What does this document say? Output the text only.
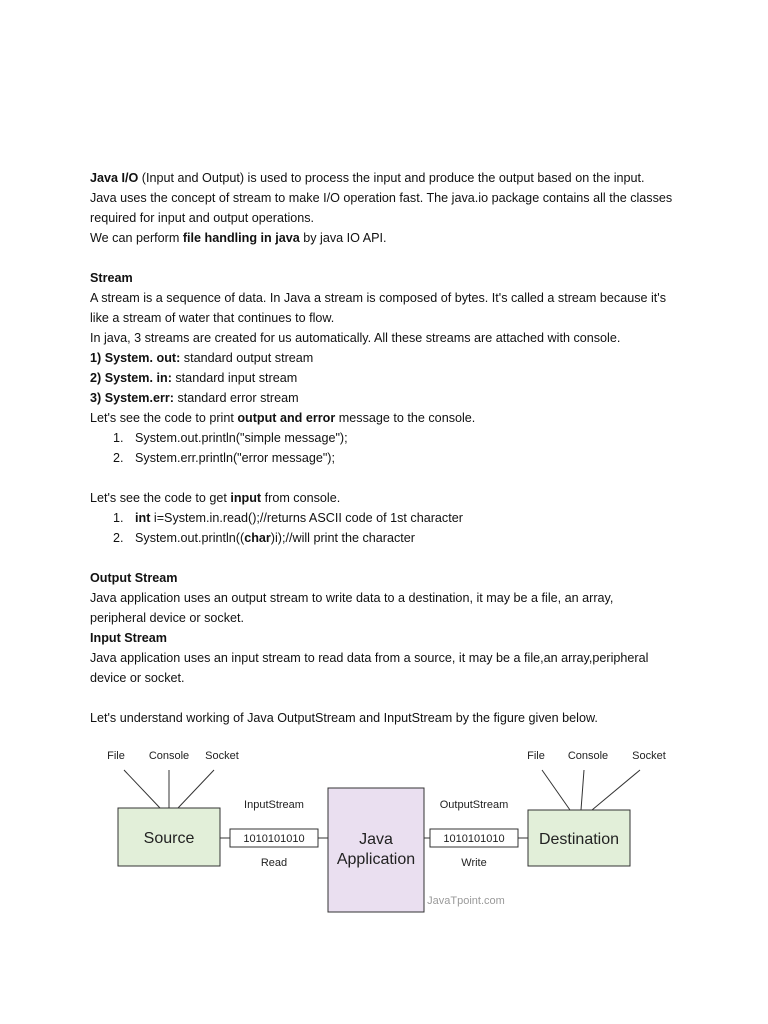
Java I/O (Input and Output) is used to process the input and produce the output based on the input.
Java uses the concept of stream to make I/O operation fast. The java.io package contains all the classes
required for input and output operations.
We can perform file handling in java by java IO API.
Stream
A stream is a sequence of data. In Java a stream is composed of bytes. It's called a stream because it's
like a stream of water that continues to flow.
In java, 3 streams are created for us automatically. All these streams are attached with console.
1) System. out: standard output stream
2) System. in: standard input stream
3) System.err: standard error stream
Let's see the code to print output and error message to the console.
1. System.out.println("simple message");
2. System.err.println("error message");
Let's see the code to get input from console.
1. int i=System.in.read();//returns ASCII code of 1st character
2. System.out.println((char)i);//will print the character
Output Stream
Java application uses an output stream to write data to a destination, it may be a file, an array,
peripheral device or socket.
Input Stream
Java application uses an input stream to read data from a source, it may be a file,an array,peripheral
device or socket.
Let's understand working of Java OutputStream and InputStream by the figure given below.
File Console Socket
Source
InputStream
1010101010
Read
Java
Application
OutputStream
1010101010
Write
Destination
File Console Socket
JavaTpoint.com
